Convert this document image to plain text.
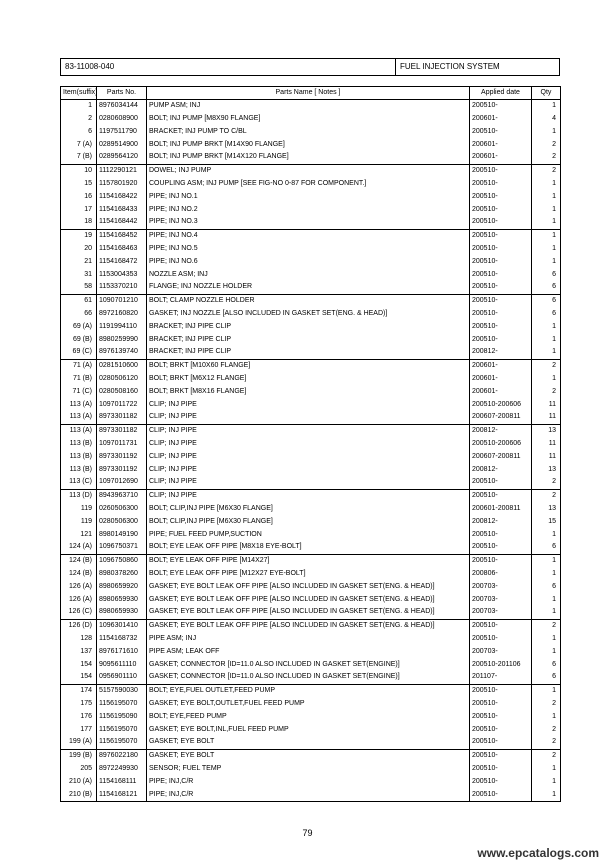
83-11008-040	FUEL INJECTION SYSTEM
Item(suffix)	Parts No.	Parts Name [ Notes ]	Applied date	Qty
1	8976034144	PUMP ASM; INJ	200510-	1
2	0280608900	BOLT; INJ PUMP [M8X90 FLANGE]	200601-	4
6	1197511790	BRACKET; INJ PUMP TO C/BL	200510-	1
7 (A)	0289514900	BOLT; INJ PUMP BRKT [M14X90 FLANGE]	200601-	2
7 (B)	0289564120	BOLT; INJ PUMP BRKT [M14X120 FLANGE]	200601-	2
10	1112290121	DOWEL; INJ PUMP	200510-	2
15	1157801920	COUPLING ASM; INJ PUMP [SEE FIG-NO 0-87 FOR COMPONENT.]	200510-	1
16	1154168422	PIPE; INJ NO.1	200510-	1
17	1154168433	PIPE; INJ NO.2	200510-	1
18	1154168442	PIPE; INJ NO.3	200510-	1
19	1154168452	PIPE; INJ NO.4	200510-	1
20	1154168463	PIPE; INJ NO.5	200510-	1
21	1154168472	PIPE; INJ NO.6	200510-	1
31	1153004353	NOZZLE ASM; INJ	200510-	6
58	1153370210	FLANGE; INJ NOZZLE HOLDER	200510-	6
61	1090701210	BOLT; CLAMP NOZZLE HOLDER	200510-	6
66	8972160820	GASKET; INJ NOZZLE [ALSO INCLUDED IN GASKET SET(ENG. & HEAD)]	200510-	6
69 (A)	1191994110	BRACKET; INJ PIPE CLIP	200510-	1
69 (B)	8980259990	BRACKET; INJ PIPE CLIP	200510-	1
69 (C)	8976139740	BRACKET; INJ PIPE CLIP	200812-	1
71 (A)	0281510600	BOLT; BRKT [M10X60 FLANGE]	200601-	2
71 (B)	0280506120	BOLT; BRKT [M6X12 FLANGE]	200601-	1
71 (C)	0280508160	BOLT; BRKT [M8X16 FLANGE]	200601-	2
113 (A)	1097011722	CLIP; INJ PIPE	200510-200606	11
113 (A)	8973301182	CLIP; INJ PIPE	200607-200811	11
113 (A)	8973301182	CLIP; INJ PIPE	200812-	13
113 (B)	1097011731	CLIP; INJ PIPE	200510-200606	11
113 (B)	8973301192	CLIP; INJ PIPE	200607-200811	11
113 (B)	8973301192	CLIP; INJ PIPE	200812-	13
113 (C)	1097012690	CLIP; INJ PIPE	200510-	2
113 (D)	8943963710	CLIP; INJ PIPE	200510-	2
119	0260506300	BOLT; CLIP,INJ PIPE [M6X30 FLANGE]	200601-200811	13
119	0280506300	BOLT; CLIP,INJ PIPE [M6X30 FLANGE]	200812-	15
121	8980149190	PIPE; FUEL FEED PUMP,SUCTION	200510-	1
124 (A)	1096750371	BOLT; EYE LEAK OFF PIPE [M8X18 EYE-BOLT]	200510-	6
124 (B)	1096750860	BOLT; EYE LEAK OFF PIPE [M14X27]	200510-	1
124 (B)	8980378260	BOLT; EYE LEAK OFF PIPE [M12X27 EYE-BOLT]	200806-	1
126 (A)	8980659920	GASKET; EYE BOLT LEAK OFF PIPE [ALSO INCLUDED IN GASKET SET(ENG. & HEAD)]	200703-	6
126 (A)	8980659930	GASKET; EYE BOLT LEAK OFF PIPE [ALSO INCLUDED IN GASKET SET(ENG. & HEAD)]	200703-	1
126 (C)	8980659930	GASKET; EYE BOLT LEAK OFF PIPE [ALSO INCLUDED IN GASKET SET(ENG. & HEAD)]	200703-	1
126 (D)	1096301410	GASKET; EYE BOLT LEAK OFF PIPE [ALSO INCLUDED IN GASKET SET(ENG. & HEAD)]	200510-	2
128	1154168732	PIPE ASM; INJ	200510-	1
137	8976171610	PIPE ASM; LEAK OFF	200703-	1
154	9095611110	GASKET; CONNECTOR [ID=11.0 ALSO INCLUDED IN GASKET SET(ENGINE)]	200510-201106	6
154	0956901110	GASKET; CONNECTOR [ID=11.0 ALSO INCLUDED IN GASKET SET(ENGINE)]	201107-	6
174	5157590030	BOLT; EYE,FUEL OUTLET,FEED PUMP	200510-	1
175	1156195070	GASKET; EYE BOLT,OUTLET,FUEL FEED PUMP	200510-	2
176	1156195090	BOLT; EYE,FEED PUMP	200510-	1
177	1156195070	GASKET; EYE BOLT,INL,FUEL FEED PUMP	200510-	2
199 (A)	1156195070	GASKET; EYE BOLT	200510-	2
199 (B)	8976022180	GASKET; EYE BOLT	200510-	2
205	8972249930	SENSOR; FUEL TEMP	200510-	1
210 (A)	1154168111	PIPE; INJ,C/R	200510-	1
210 (B)	1154168121	PIPE; INJ,C/R	200510-	1
79
www.epcatalogs.com
